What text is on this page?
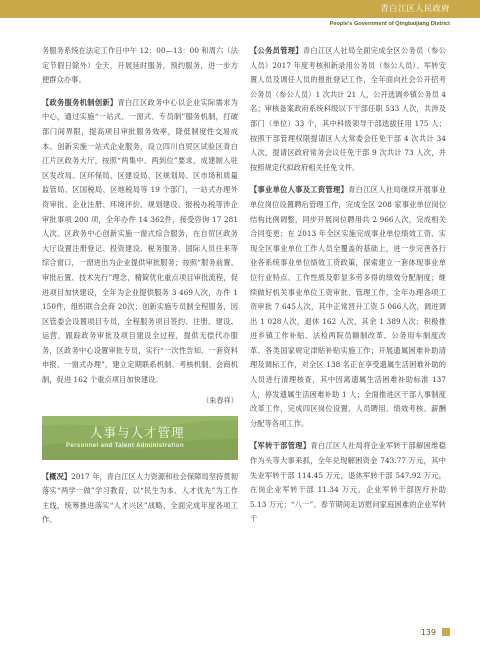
青白江区人民政府
People's Government of Qingbaijiang District

务服务系统在法定工作日中午 12：00—13：00 和周六（法定节假日除外）全天，开展延时服务，预约服务，进一步方便群众办事。

【政务服务机制创新】青白江区政务中心以企业实际需求为中心，通过实施“一站式、一窗式、专员制”服务机制，打破部门间界限，提高项目审批服务效率，降低制度性交易成本。创新实施一站式企业服务，设立四川自贸区试验区青白江片区政务大厅，按照“两集中、两到位”要求，成建制入驻区发改局、区环保局、区建设局、区规划局、区市场和质量监管局、区国税局、区地税局等 19 个部门，一站式办理外资审批、企业注册、环境评价、规划建设、报税办税等涉企审批事项 200 项，全年办件 14 362件，接受咨询 17 281人次。区政务中心创新实施一窗式综合服务，在自贸区政务大厅设置注册登记、投资建设、税务服务、国际人员往来等综合窗口，一窗进出为企业提供审批服务；按照“服务前置、审批后置、技术先行”理念，精简优化重点项目审批流程，促进项目加快建设，全年为企业提供服务 3 469人次，办件 1 150件，组织联合会商 20次；创新实施专员制全程服务，园区管委会设置项目专员，全程服务项目签约、注册、建设、运营，跟踪政务审批及项目建设全过程，提供无偿代办服务，区政务中心设置审批专员，实行“一次性告知、一套资料申报、一窗式办理”，建立定期联系机制、考核机制、会商机制，促进 162 个重点项目加快建设。

（朱春祥）
人事与人才管理
Personnel and Talent Administration

【概况】2017 年，青白江区人力资源和社会保障局坚持贯彻落实“两学一做”学习教育，以“民生为本、人才优先”为工作主线，统筹推进落实“人才兴区”战略，全面完成年度各项工作。

【公务员管理】青白江区人社局全面完成全区公务员（参公人员）2017 年度考核和新录用公务员（参公人员）、军转安置人员及调任人员的报批登记工作，全年面向社会公开招考公务员（参公人员）1 次共计 21 人，公开选调乡镇公务员 4 名；审核备案政府系统科级以下干部任职 533 人次，共涉及部门（单位）33 个，其中科级领导干部选拔任用 175 人；按照干部管理权限提请区人大常委会任免干部 4 次共计 34 人次，提请区政府常务会议任免干部 9 次共计 73 人次，并按照规定代拟政府相关任免文件。

【事业单位人事及工资管理】青白江区人社局继续开展事业单位岗位设置聘后管理工作，完成全区 208 家事业单位岗位结构比例调整，同步开展岗位聘用共 2 966人次，完成相关合同变更；在 2013 年全区实施完成事业单位绩效工资、实现全区事业单位工作人员全覆盖的基础上，进一步完善各行业各系统事业单位绩效工资政策，探索建立一套体现事业单位行业特点、工作性质及彰显多劳多得的绩效分配制度；继续做好机关事业单位工资审批、管理工作，全年办理各项工资审批 7 645人次，其中正常晋升工资 5 066人次，调进调出 1 028人次，退休 162 人次，其余 1 389人次；积极推进乡镇工作补贴、法检两院员额制改革、公务用车制度改革、各类国家规定津贴补贴实施工作；开展遗属困难补助清理及调标工作，对全区 138 名正在享受遗属生活困难补助的人员进行清理核查，其中因离遗属生活困难补助标准 137 人，停发遗属生活困难补助 1 人；全面推进区干部人事制度改革工作，完成四区岗位设置、人员聘用、绩效考核、薪酬分配等各项工作。

【军转干部管理】青白江区人社局将企业军转干部解困维稳作为头等大事来抓，全年兑现解困资金 743.77 万元，其中失业军转干部 114.45 万元，退休军转干部 547.92 万元，在岗企业军转干部 11.34 万元，企业军转干部医疗补助 5.13 万元；“八一”、春节期间走访慰问家庭困难的企业军转干

139
